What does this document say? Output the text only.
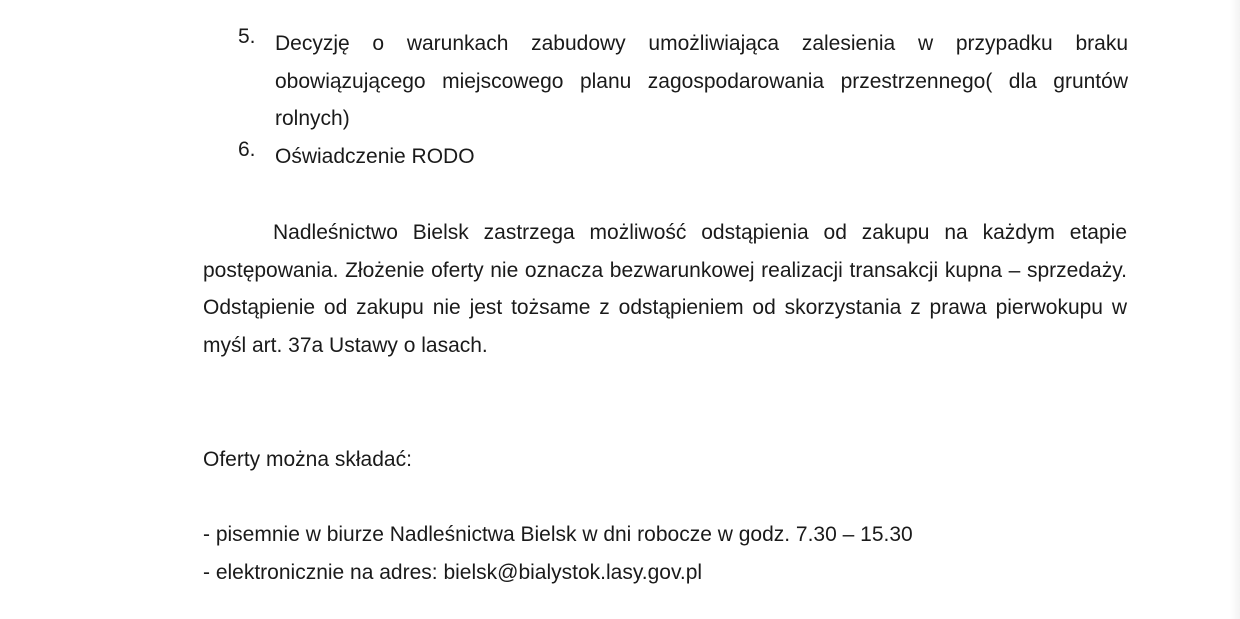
5. Decyzję o warunkach zabudowy umożliwiająca zalesienia w przypadku braku obowiązującego miejscowego planu zagospodarowania przestrzennego( dla gruntów rolnych)
6. Oświadczenie RODO
Nadleśnictwo Bielsk zastrzega możliwość odstąpienia od zakupu na każdym etapie postępowania. Złożenie oferty nie oznacza bezwarunkowej realizacji transakcji kupna – sprzedaży. Odstąpienie od zakupu nie jest tożsame z odstąpieniem od skorzystania z prawa pierwokupu w myśl art. 37a Ustawy o lasach.
Oferty można składać:
- pisemnie w biurze Nadleśnictwa Bielsk w dni robocze w godz. 7.30 – 15.30
- elektronicznie na adres: bielsk@bialystok.lasy.gov.pl
